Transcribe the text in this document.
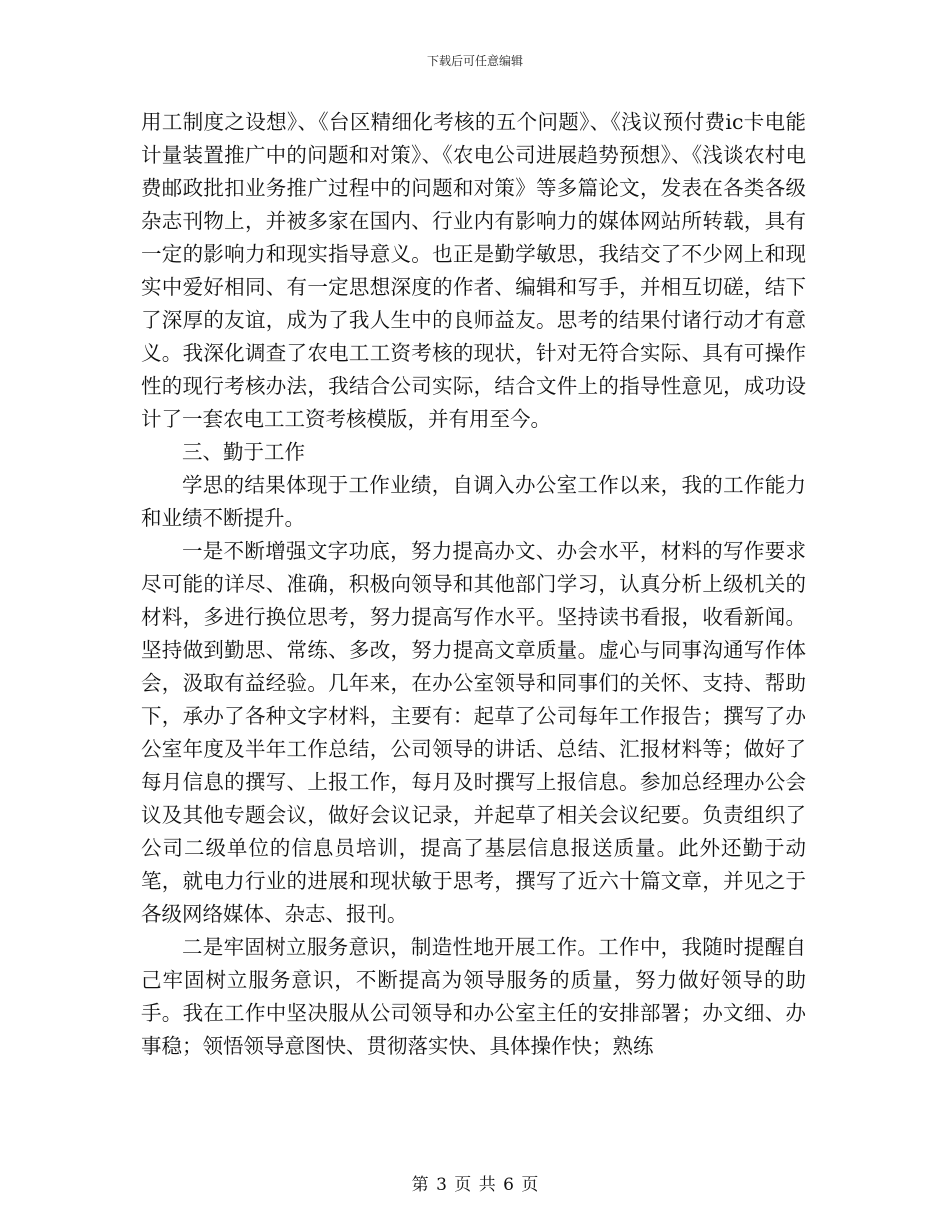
下载后可任意编辑

用工制度之设想》、《台区精细化考核的五个问题》、《浅议预付费ic卡电能计量装置推广中的问题和对策》、《农电公司进展趋势预想》、《浅谈农村电费邮政批扣业务推广过程中的问题和对策》等多篇论文，发表在各类各级杂志刊物上，并被多家在国内、行业内有影响力的媒体网站所转载，具有一定的影响力和现实指导意义。也正是勤学敏思，我结交了不少网上和现实中爱好相同、有一定思想深度的作者、编辑和写手，并相互切磋，结下了深厚的友谊，成为了我人生中的良师益友。思考的结果付诸行动才有意义。我深化调查了农电工工资考核的现状，针对无符合实际、具有可操作性的现行考核办法，我结合公司实际，结合文件上的指导性意见，成功设计了一套农电工工资考核模版，并有用至今。

三、勤于工作

学思的结果体现于工作业绩，自调入办公室工作以来，我的工作能力和业绩不断提升。

一是不断增强文字功底，努力提高办文、办会水平，材料的写作要求尽可能的详尽、准确，积极向领导和其他部门学习，认真分析上级机关的材料，多进行换位思考，努力提高写作水平。坚持读书看报，收看新闻。坚持做到勤思、常练、多改，努力提高文章质量。虚心与同事沟通写作体会，汲取有益经验。几年来，在办公室领导和同事们的关怀、支持、帮助下，承办了各种文字材料，主要有：起草了公司每年工作报告；撰写了办公室年度及半年工作总结，公司领导的讲话、总结、汇报材料等；做好了每月信息的撰写、上报工作，每月及时撰写上报信息。参加总经理办公会议及其他专题会议，做好会议记录，并起草了相关会议纪要。负责组织了公司二级单位的信息员培训，提高了基层信息报送质量。此外还勤于动笔，就电力行业的进展和现状敏于思考，撰写了近六十篇文章，并见之于各级网络媒体、杂志、报刊。

二是牢固树立服务意识，制造性地开展工作。工作中，我随时提醒自己牢固树立服务意识，不断提高为领导服务的质量，努力做好领导的助手。我在工作中坚决服从公司领导和办公室主任的安排部署；办文细、办事稳；领悟领导意图快、贯彻落实快、具体操作快；熟练

第 3 页 共 6 页
